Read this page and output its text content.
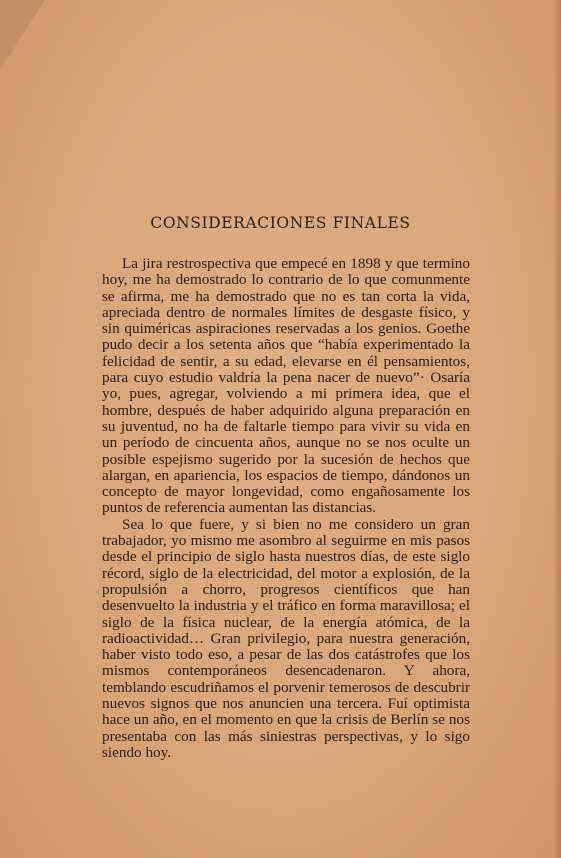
CONSIDERACIONES FINALES

La jira restrospectiva que empecé en 1898 y que termino hoy, me ha demostrado lo contrario de lo que comunmente se afirma, me ha demostrado que no es tan corta la vida, apreciada dentro de normales límites de desgaste físico, y sin quiméricas aspiraciones reservadas a los genios. Goethe pudo decir a los setenta años que “había experimentado la felicidad de sentir, a su edad, elevarse en él pensamientos, para cuyo estudio valdría la pena nacer de nuevo”· Osaría yo, pues, agregar, volviendo a mi primera idea, que el hombre, después de haber adquirido alguna preparación en su juventud, no ha de faltarle tiempo para vivir su vida en un período de cincuenta años, aunque no se nos oculte un posible espejismo sugerido por la sucesión de hechos que alargan, en apariencia, los espacios de tiempo, dándonos un concepto de mayor longevidad, como engañosamente los puntos de referencia aumentan las distancias.

Sea lo que fuere, y si bien no me considero un gran trabajador, yo mismo me asombro al seguirme en mis pasos desde el principio de siglo hasta nuestros días, de este siglo récord, siglo de la electricidad, del motor a explosión, de la propulsión a chorro, progresos científicos que han desenvuelto la industria y el tráfico en forma maravillosa; el siglo de la física nuclear, de la energía atómica, de la radioactividad… Gran privilegio, para nuestra generación, haber visto todo eso, a pesar de las dos catástrofes que los mismos contemporáneos desencadenaron. Y ahora, temblando escudriñamos el porvenir temerosos de descubrir nuevos signos que nos anuncien una tercera. Fuí optimista hace un año, en el momento en que la crisis de Berlín se nos presentaba con las más siniestras perspectivas, y lo sigo siendo hoy.
